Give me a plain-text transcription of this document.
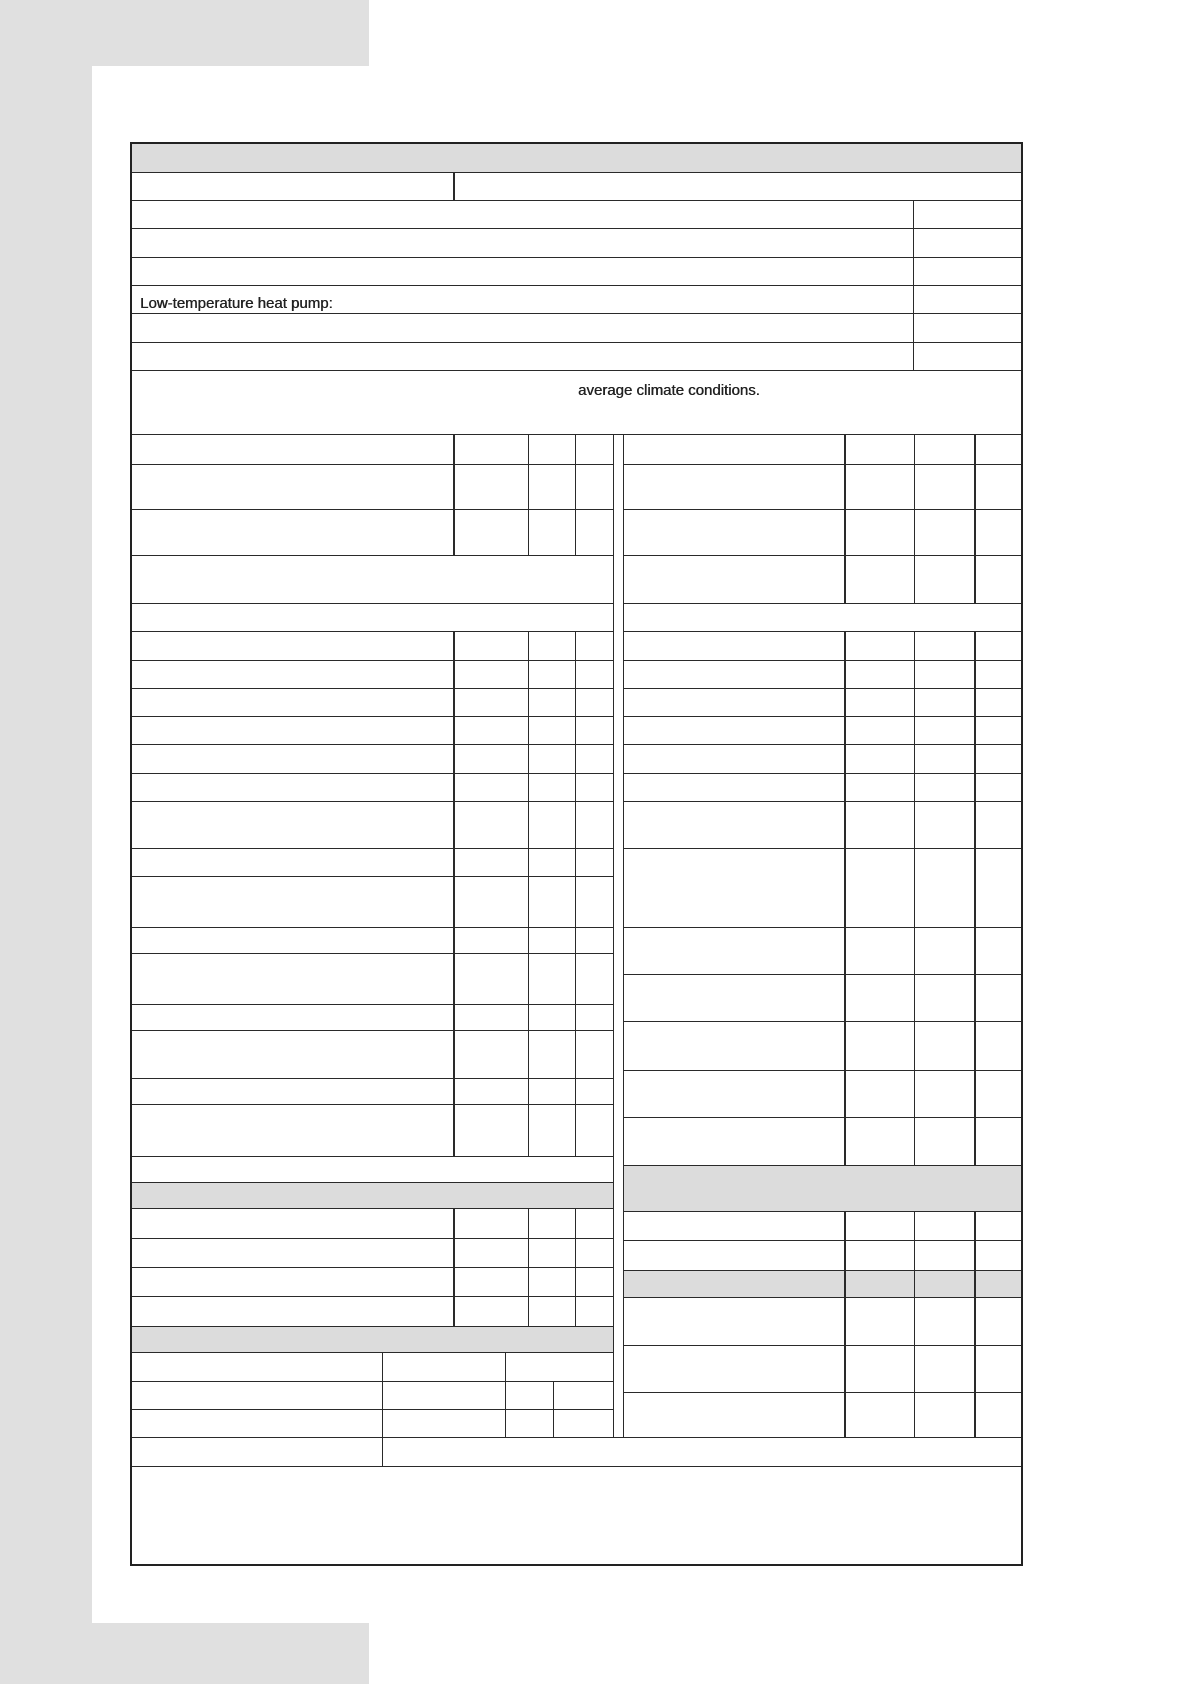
Low-temperature heat pump:
average climate conditions.
